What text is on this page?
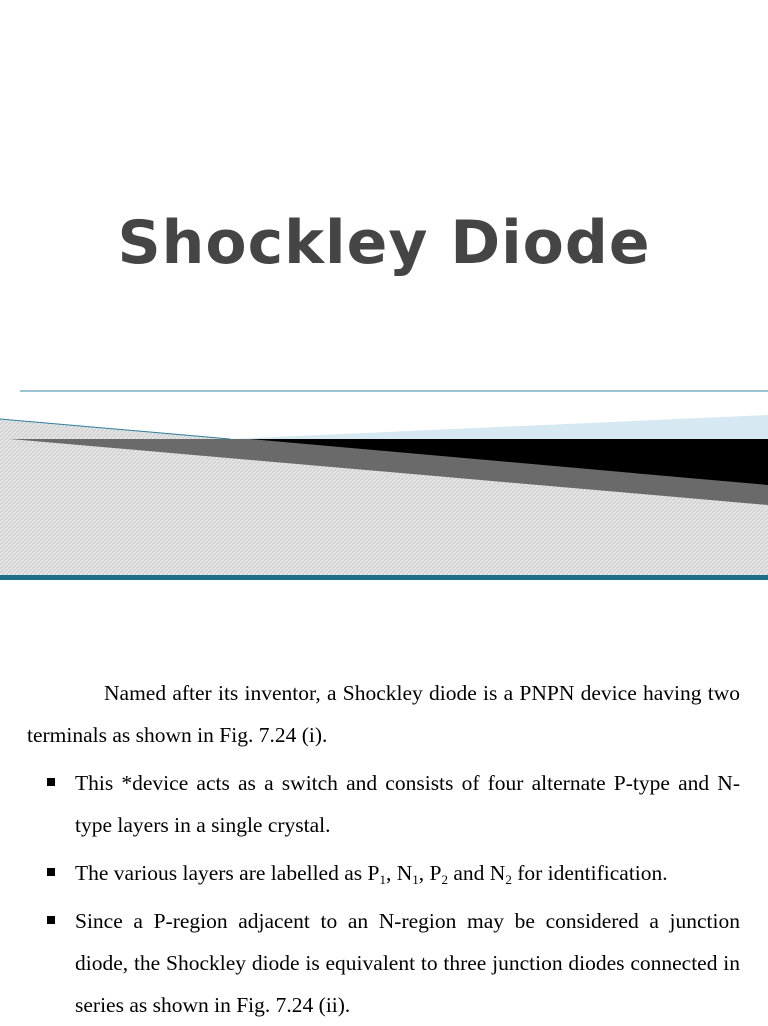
Shockley Diode

Named after its inventor, a Shockley diode is a PNPN device having two terminals as shown in Fig. 7.24 (i).

This *device acts as a switch and consists of four alternate P-type and N-type layers in a single crystal.
The various layers are labelled as $P_1$, $N_1$, $P_2$ and $N_2$ for identification.
Since a P-region adjacent to an N-region may be considered a junction diode, the Shockley diode is equivalent to three junction diodes connected in series as shown in Fig. 7.24 (ii).
